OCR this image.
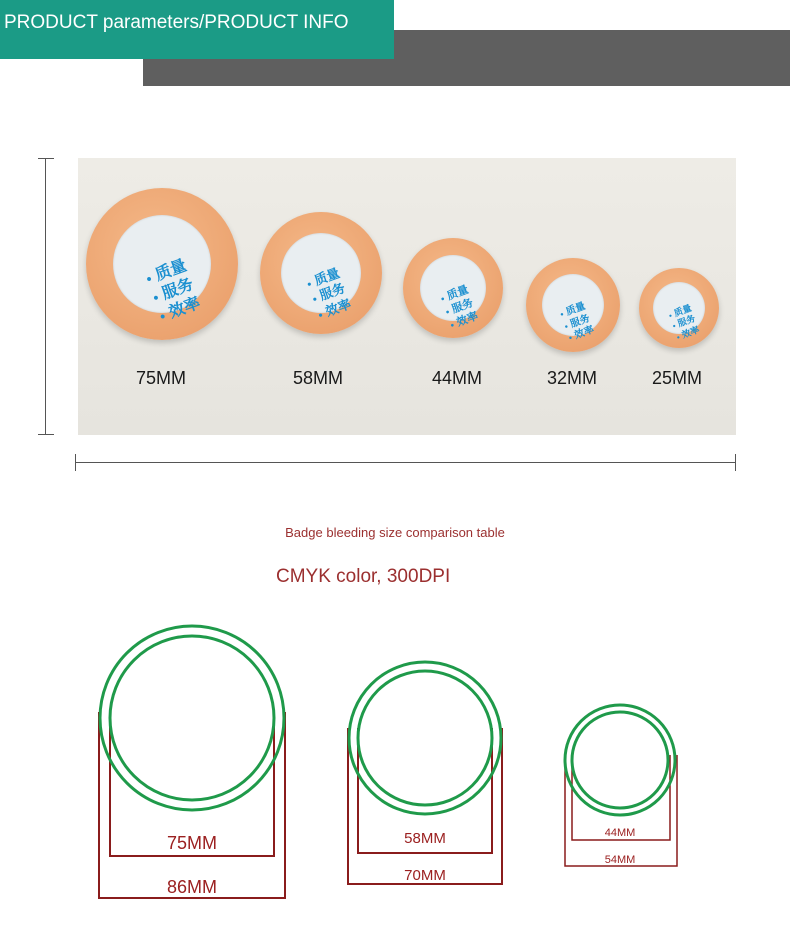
PRODUCT parameters/PRODUCT INFO
• 质量
• 服务
• 效率
• 质量
• 服务
• 效率
• 质量
• 服务
• 效率
•	质量
• 服务
• 效率
• 质量
• 服务
• 效率
75MM	58MM	44MM	32MM	25MM
Badge bleeding size comparison table
CMYK color, 300DPI
75MM
86MM
58MM
70MM
44MM
54MM
